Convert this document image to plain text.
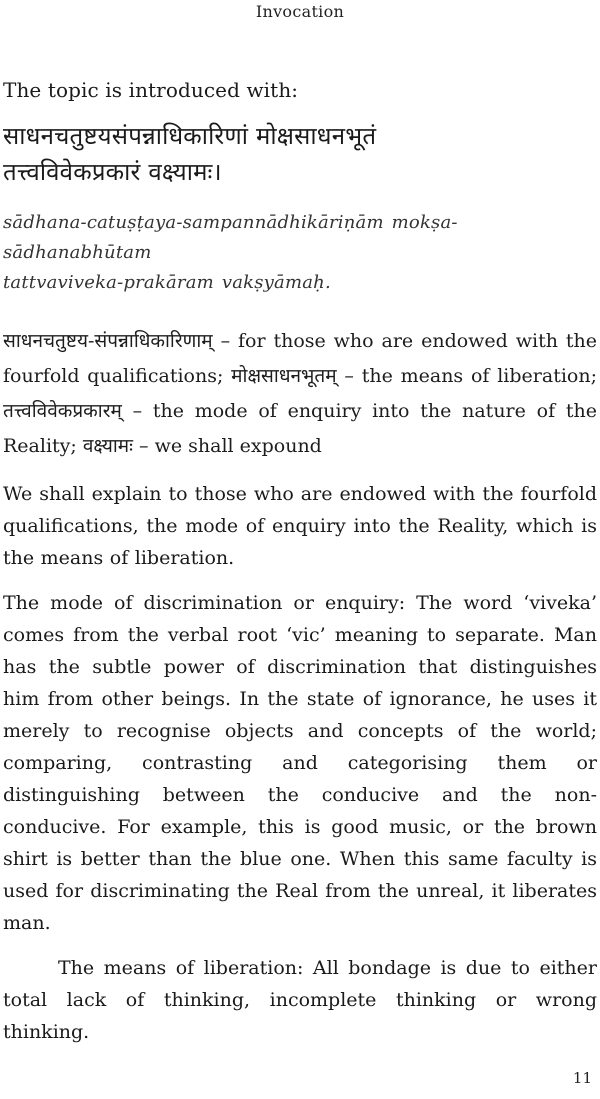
Invocation

The topic is introduced with:

साधनचतुष्टयसंपन्नाधिकारिणां मोक्षसाधनभूतं
तत्त्वविवेकप्रकारं वक्ष्यामः।
sādhana-catuṣṭaya-sampannādhikāriṇām mokṣa-sādhanabhūtam
tattvaviveka-prakāram vakṣyāmaḥ.

साधनचतुष्टय-संपन्नाधिकारिणाम् – for those who are endowed with the fourfold qualifications; मोक्षसाधनभूतम् – the means of liberation; तत्त्वविवेकप्रकारम् – the mode of enquiry into the nature of the Reality; वक्ष्यामः – we shall expound

We shall explain to those who are endowed with the fourfold qualifications, the mode of enquiry into the Reality, which is the means of liberation.

The mode of discrimination or enquiry: The word ‘viveka’ comes from the verbal root ‘vic’ meaning to separate. Man has the subtle power of discrimination that distinguishes him from other beings. In the state of ignorance, he uses it merely to recognise objects and concepts of the world; comparing, contrasting and categorising them or distinguishing between the conducive and the non-conducive. For example, this is good music, or the brown shirt is better than the blue one. When this same faculty is used for discriminating the Real from the unreal, it liberates man.

The means of liberation: All bondage is due to either total lack of thinking, incomplete thinking or wrong thinking.

11
